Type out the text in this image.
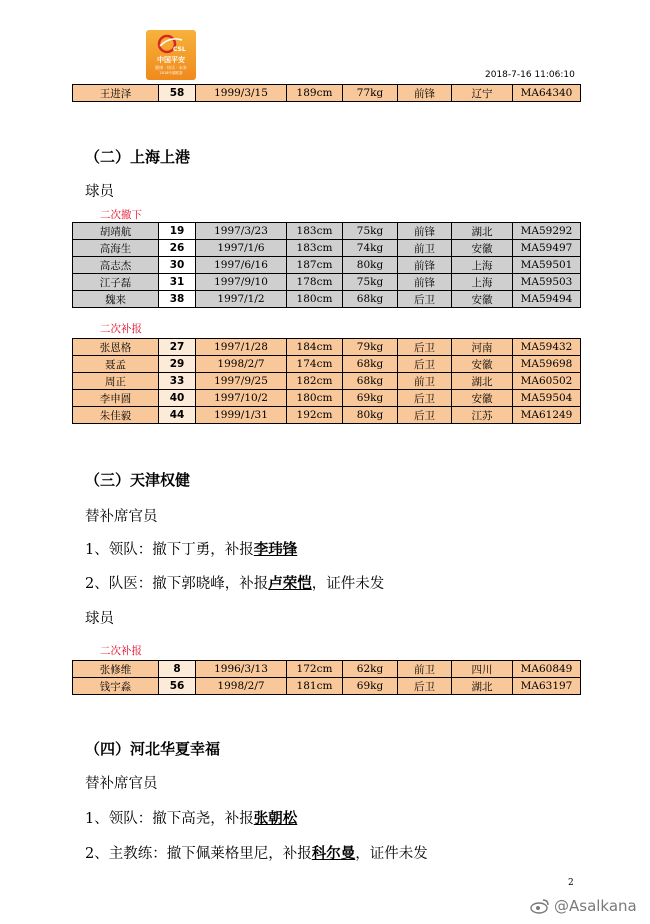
CSL
中国平安
健康 · 快乐 · 未来
2018中超联赛	2018-7-16 11:06:10
王进泽	58	1999/3/15	189cm	77kg	前锋	辽宁	MA64340
（二）上海上港
球员
二次撤下
胡靖航	19	1997/3/23	183cm	75kg	前锋	湖北	MA59292
高海生	26	1997/1/6	183cm	74kg	前卫	安徽	MA59497
高志杰	30	1997/6/16	187cm	80kg	前锋	上海	MA59501
江子磊	31	1997/9/10	178cm	75kg	前锋	上海	MA59503
魏来	38	1997/1/2	180cm	68kg	后卫	安徽	MA59494
二次补报
张恩格	27	1997/1/28	184cm	79kg	后卫	河南	MA59432
聂孟	29	1998/2/7	174cm	68kg	后卫	安徽	MA59698
周正	33	1997/9/25	182cm	68kg	前卫	湖北	MA60502
李申圆	40	1997/10/2	180cm	69kg	后卫	安徽	MA59504
朱佳毅	44	1999/1/31	192cm	80kg	后卫	江苏	MA61249
（三）天津权健
替补席官员
1、领队：撤下丁勇，补报李玮锋
2、队医：撤下郭晓峰，补报卢荣恺，证件未发
球员
二次补报
张修维	8	1996/3/13	172cm	62kg	前卫	四川	MA60849
钱宇淼	56	1998/2/7	181cm	69kg	后卫	湖北	MA63197
（四）河北华夏幸福
替补席官员
1、领队：撤下高尧，补报张朝松
2、主教练：撤下佩莱格里尼，补报科尔曼，证件未发
2
@Asalkana
